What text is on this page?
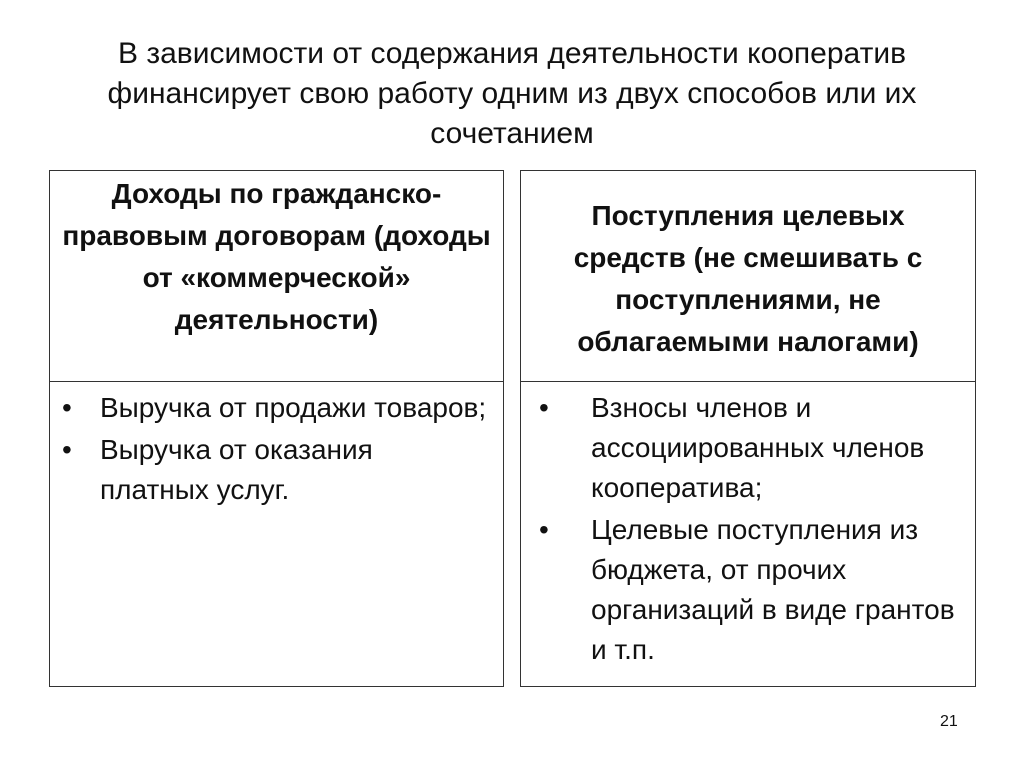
В зависимости от содержания деятельности кооператив финансирует свою работу одним из двух способов или их сочетанием
Доходы по гражданско-правовым договорам (доходы от «коммерческой» деятельности)
•	Выручка от продажи товаров;
•	Выручка от оказания платных услуг.
Поступления целевых средств (не смешивать с поступлениями, не облагаемыми налогами)
•	Взносы членов и ассоциированных членов кооператива;
•	Целевые поступления из бюджета, от прочих организаций в виде грантов и т.п.
21
